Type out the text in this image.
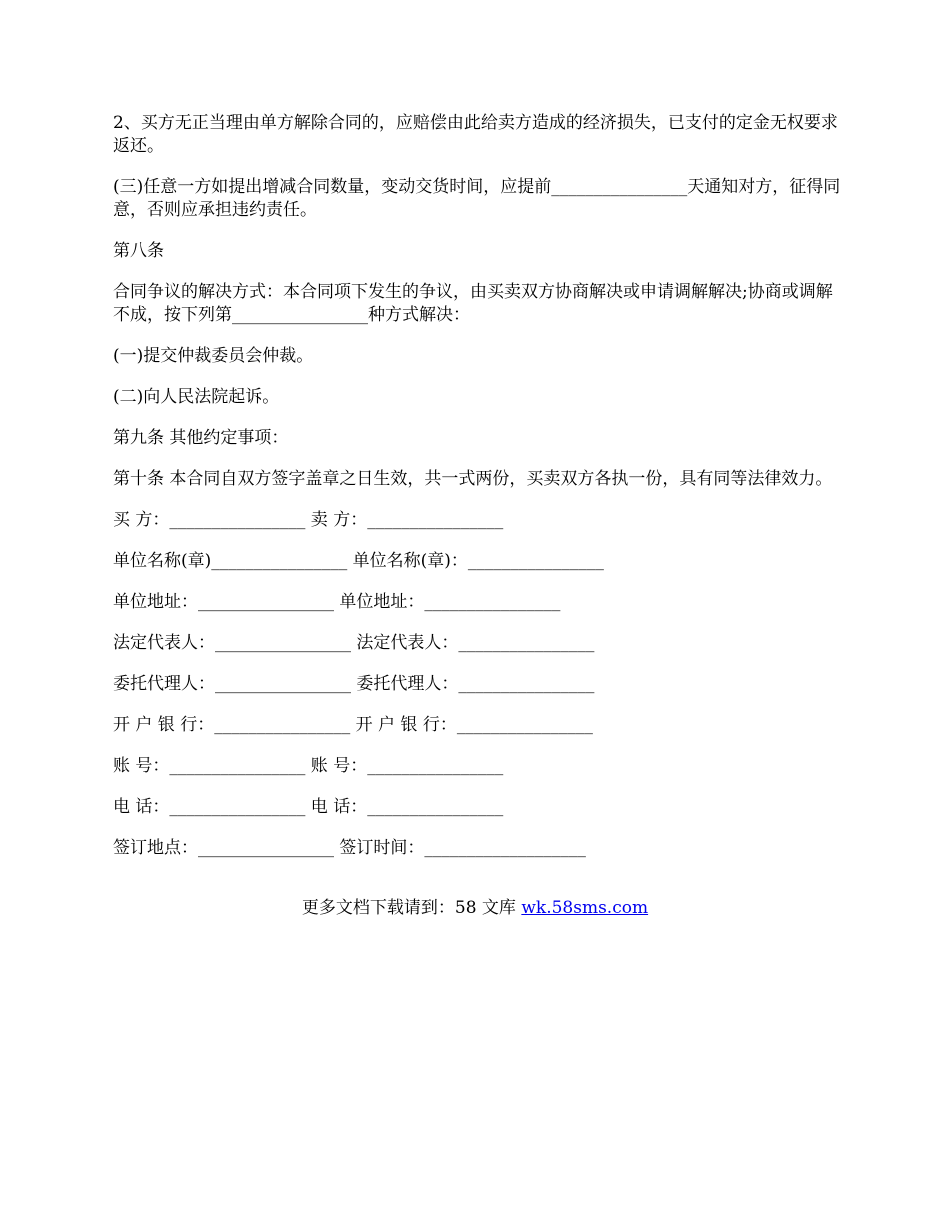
2、买方无正当理由单方解除合同的，应赔偿由此给卖方造成的经济损失，已支付的定金无权要求返还。

(三)任意一方如提出增减合同数量，变动交货时间，应提前________________天通知对方，征得同意，否则应承担违约责任。

第八条

合同争议的解决方式：本合同项下发生的争议，由买卖双方协商解决或申请调解解决;协商或调解不成，按下列第________________种方式解决：

(一)提交仲裁委员会仲裁。

(二)向人民法院起诉。

第九条 其他约定事项：

第十条 本合同自双方签字盖章之日生效，共一式两份，买卖双方各执一份，具有同等法律效力。

买 方：________________ 卖 方：________________
单位名称(章)________________ 单位名称(章)：________________
单位地址：________________ 单位地址：________________
法定代表人：________________ 法定代表人：________________
委托代理人：________________ 委托代理人：________________
开 户 银 行：________________ 开 户 银 行：________________
账 号：________________ 账 号：________________
电 话：________________ 电 话：________________
签订地点：________________ 签订时间：___________________
更多文档下载请到：58 文库 wk.58sms.com
